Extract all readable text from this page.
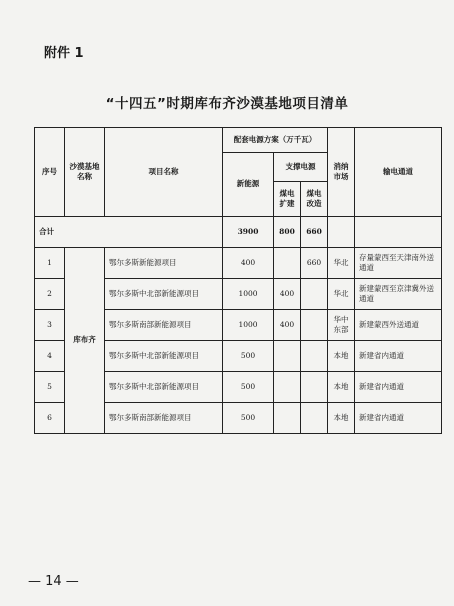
附件 1
“十四五”时期库布齐沙漠基地项目清单
序号	沙漠基地名称	项目名称	配套电源方案（万千瓦）			消纳市场	输电通道
			新能源	支撑电源			
				煤电扩建	煤电改造		
合计			3900	800	660		
1	库布齐	鄂尔多斯新能源项目	400		660	华北	存量蒙西至天津南外送通道
2		鄂尔多斯中北部新能源项目	1000	400		华北	新建蒙西至京津冀外送通道
3		鄂尔多斯南部新能源项目	1000	400		华中东部	新建蒙西外送通道
4		鄂尔多斯中北部新能源项目	500			本地	新建省内通道
5		鄂尔多斯中北部新能源项目	500			本地	新建省内通道
6		鄂尔多斯南部新能源项目	500			本地	新建省内通道
— 14 —
